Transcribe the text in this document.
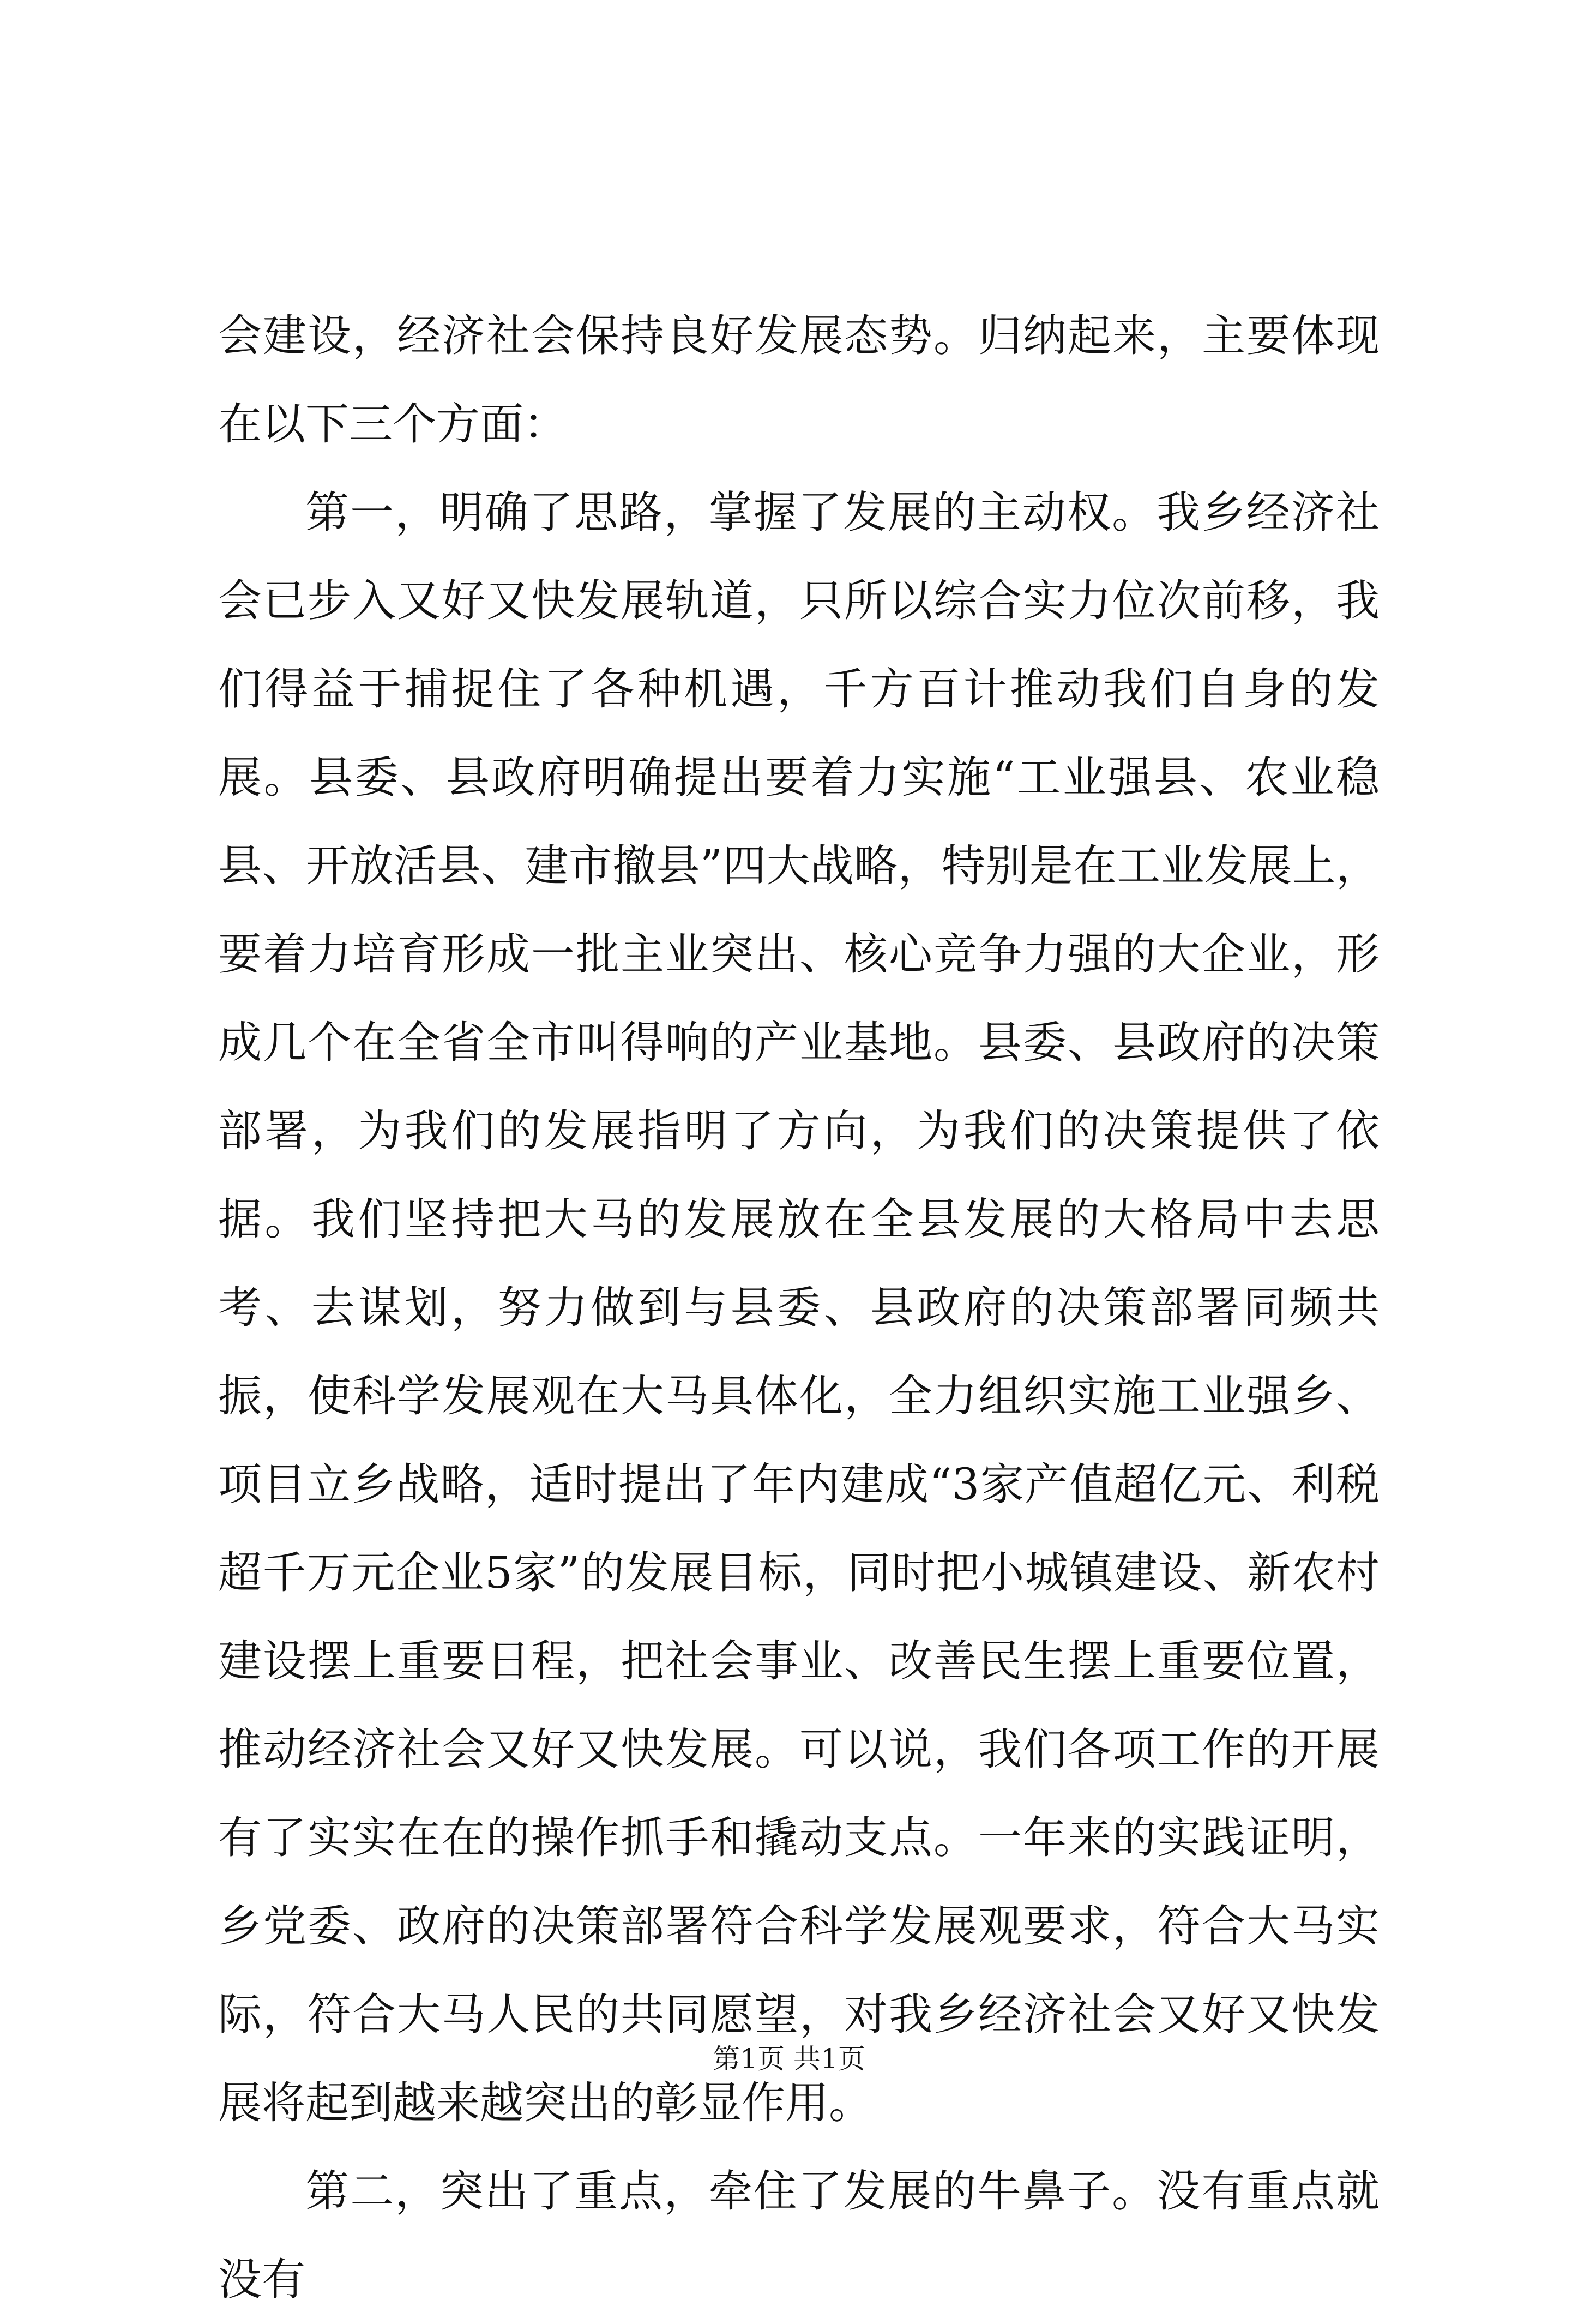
会建设，经济社会保持良好发展态势。归纳起来，主要体现在以下三个方面：

第一，明确了思路，掌握了发展的主动权。我乡经济社会已步入又好又快发展轨道，只所以综合实力位次前移，我们得益于捕捉住了各种机遇，千方百计推动我们自身的发展。县委、县政府明确提出要着力实施“工业强县、农业稳县、开放活县、建市撤县”四大战略，特别是在工业发展上，要着力培育形成一批主业突出、核心竞争力强的大企业，形成几个在全省全市叫得响的产业基地。县委、县政府的决策部署，为我们的发展指明了方向，为我们的决策提供了依据。我们坚持把大马的发展放在全县发展的大格局中去思考、去谋划，努力做到与县委、县政府的决策部署同频共振，使科学发展观在大马具体化，全力组织实施工业强乡、项目立乡战略，适时提出了年内建成“3家产值超亿元、利税超千万元企业5家”的发展目标，同时把小城镇建设、新农村建设摆上重要日程，把社会事业、改善民生摆上重要位置，推动经济社会又好又快发展。可以说，我们各项工作的开展有了实实在在的操作抓手和撬动支点。一年来的实践证明，乡党委、政府的决策部署符合科学发展观要求，符合大马实际，符合大马人民的共同愿望，对我乡经济社会又好又快发展将起到越来越突出的彰显作用。

第二，突出了重点，牵住了发展的牛鼻子。没有重点就没有

第1页 共1页
